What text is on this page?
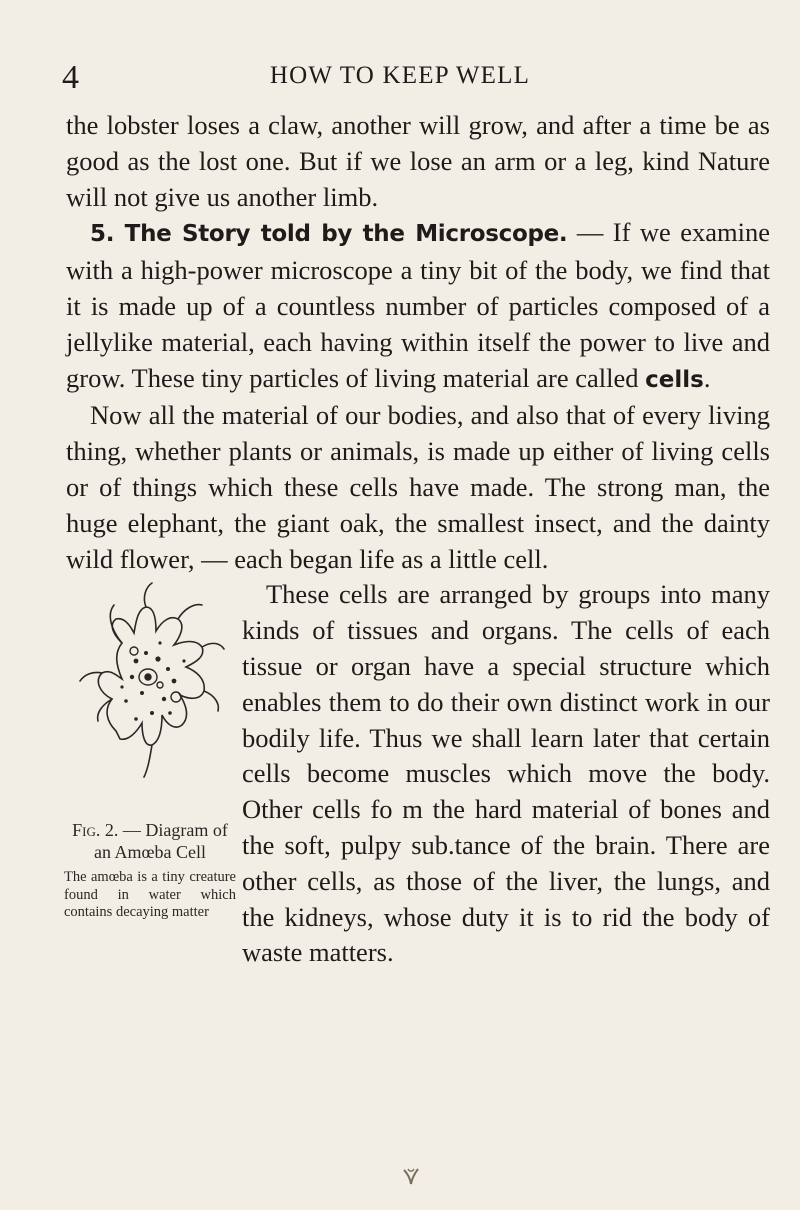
4	HOW TO KEEP WELL

the lobster loses a claw, another will grow, and after a time be as good as the lost one. But if we lose an arm or a leg, kind Nature will not give us another limb.

5. The Story told by the Microscope. — If we examine with a high-power microscope a tiny bit of the body, we find that it is made up of a countless number of particles composed of a jellylike material, each having within itself the power to live and grow. These tiny particles of living material are called cells.

Now all the material of our bodies, and also that of every living thing, whether plants or animals, is made up either of living cells or of things which these cells have made. The strong man, the huge elephant, the giant oak, the smallest insect, and the dainty wild flower, — each began life as a little cell.

Fig. 2. — Diagram of an Amœba Cell
The amœba is a tiny creature found in water which contains decaying matter

These cells are arranged by groups into many kinds of tissues and organs. The cells of each tissue or organ have a special structure which enables them to do their own distinct work in our bodily life. Thus we shall learn later that certain cells become muscles which move the body. Other cells fo m the hard material of bones and the soft, pulpy sub.tance of the brain. There are other cells, as those of the liver, the lungs, and the kidneys, whose duty it is to rid the body of waste matters.
